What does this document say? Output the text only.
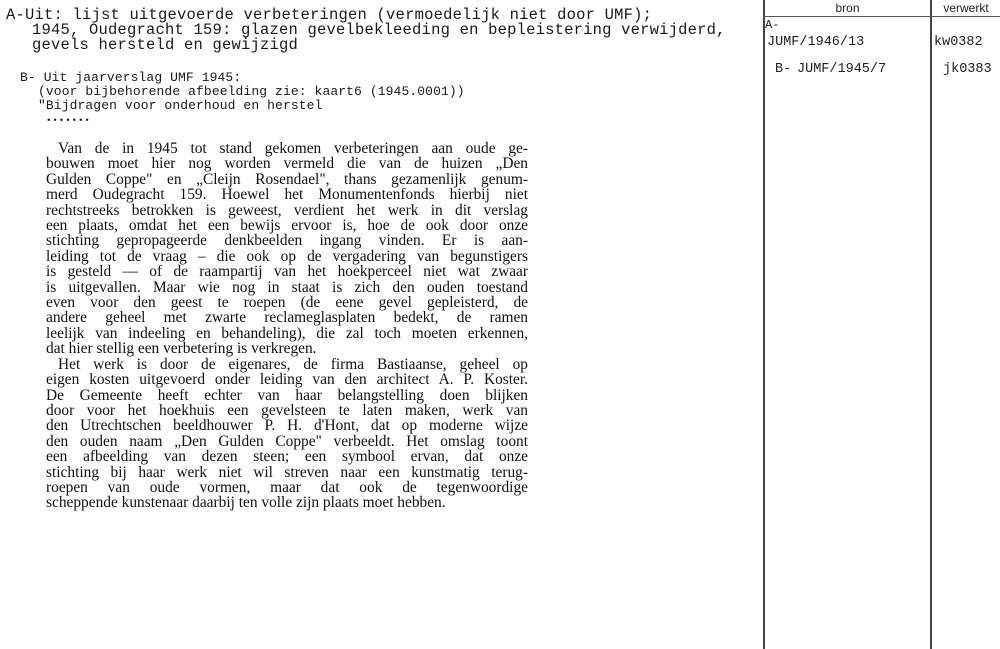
A-Uit: lijst uitgevoerde verbeteringen (vermoedelijk niet door UMF);
1945, Oudegracht 159: glazen gevelbekleeding en bepleistering verwijderd,
gevels hersteld en gewijzigd
B- Uit jaarverslag UMF 1945:
(voor bijbehorende afbeelding zie: kaart6 (1945.0001))
"Bijdragen voor onderhoud en herstel
•••••••
Van de in 1945 tot stand gekomen verbeteringen aan oude ge-
bouwen moet hier nog worden vermeld die van de huizen „Den
Gulden Coppe" en „Cleijn Rosendael", thans gezamenlijk genum-
merd Oudegracht 159. Hoewel het Monumentenfonds hierbij niet
rechtstreeks betrokken is geweest, verdient het werk in dit verslag
een plaats, omdat het een bewijs ervoor is, hoe de ook door onze
stichting gepropageerde denkbeelden ingang vinden. Er is aan-
leiding tot de vraag – die ook op de vergadering van begunstigers
is gesteld — of de raampartij van het hoekperceel niet wat zwaar
is uitgevallen. Maar wie nog in staat is zich den ouden toestand
even voor den geest te roepen (de eene gevel gepleisterd, de
andere geheel met zwarte reclameglasplaten bedekt, de ramen
leelijk van indeeling en behandeling), die zal toch moeten erkennen,
dat hier stellig een verbetering is verkregen.
Het werk is door de eigenares, de firma Bastiaanse, geheel op
eigen kosten uitgevoerd onder leiding van den architect A. P. Koster.
De Gemeente heeft echter van haar belangstelling doen blijken
door voor het hoekhuis een gevelsteen te laten maken, werk van
den Utrechtschen beeldhouwer P. H. d'Hont, dat op moderne wijze
den ouden naam „Den Gulden Coppe" verbeeldt. Het omslag toont
een afbeelding van dezen steen; een symbool ervan, dat onze
stichting bij haar werk niet wil streven naar een kunstmatig terug-
roepen van oude vormen, maar dat ook de tegenwoordige
scheppende kunstenaar daarbij ten volle zijn plaats moet hebben.
bron	verwerkt
A-
JUMF/1946/13	kw0382
B- JUMF/1945/7	jk0383
